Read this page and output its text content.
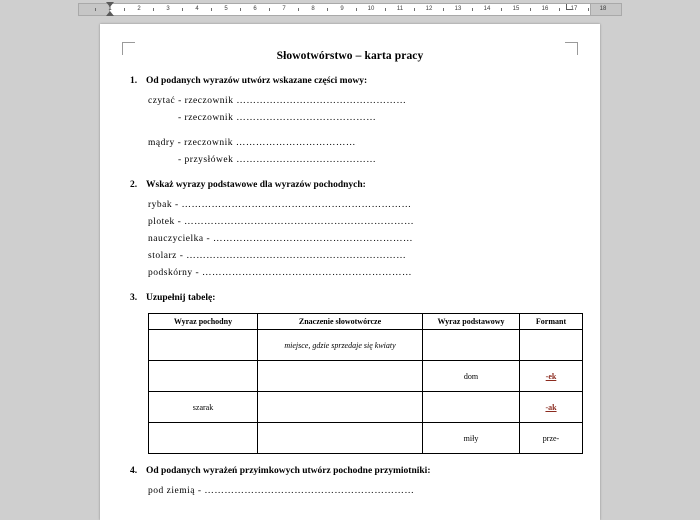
1	2	3	4	5	6	7	8	9	10	11	12	13	14	15	16	17	18
Słowotwórstwo – karta pracy
1. Od podanych wyrazów utwórz wskazane części mowy:
czytać - rzeczownik ……………………………………………
- rzeczownik ……………………………………
mądry - rzeczownik ………………………………
- przysłówek ……………………………………
2. Wskaż wyrazy podstawowe dla wyrazów pochodnych:
rybak - ……………………………………………………………
plotek - ……………………………………………………………
nauczycielka - ……………………………………………………
stolarz - …………………………………………………………
podskórny - ………………………………………………………
3. Uzupełnij tabelę:
Wyraz pochodny	Znaczenie słowotwórcze	Wyraz podstawowy	Formant
	miejsce, gdzie sprzedaje się kwiaty		
		dom	-ek
szarak			-ak
		miły	prze-
4. Od podanych wyrażeń przyimkowych utwórz pochodne przymiotniki:
pod ziemią - ………………………………………………………
